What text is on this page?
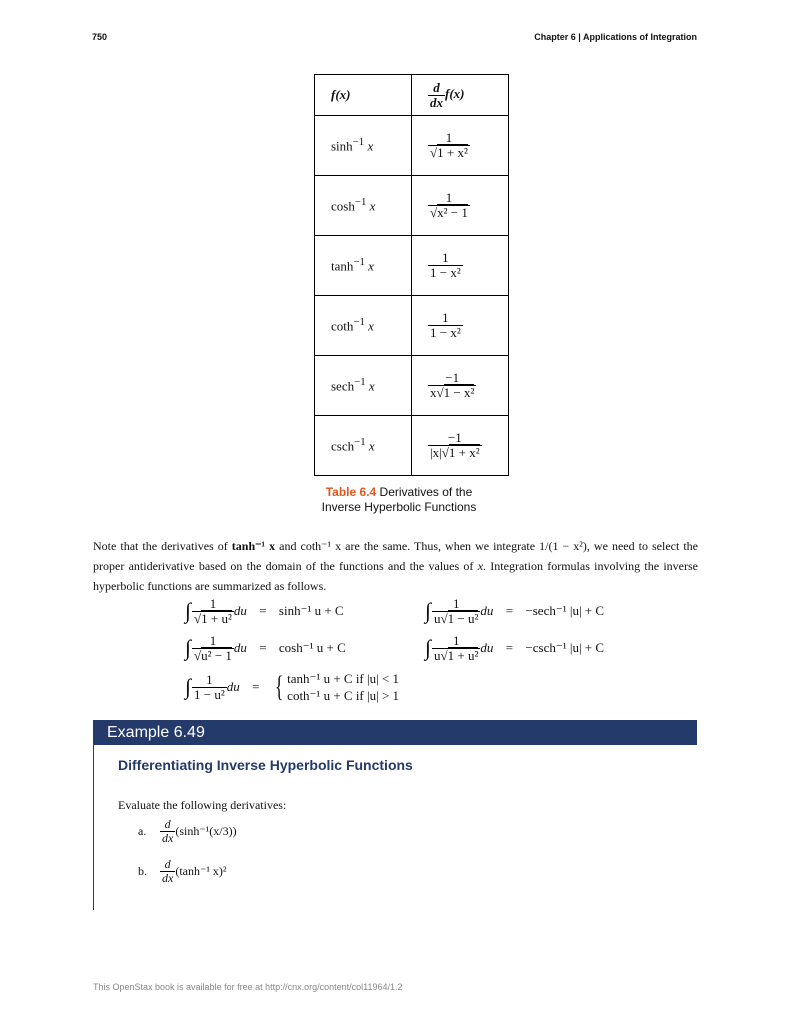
750	Chapter 6 | Applications of Integration
f(x)	$\frac{d}{dx} f(x)$
$\sinh^{-1} x$	$\frac{1}{\text{√1 + x²}}$

$\cosh^{-1} x$	$\frac{1}{\text{√x² − 1}}$

$\tanh^{-1} x$	$\frac{1}{\text{1 − x²}}$

coth$^{-1}$ x	$\frac{1}{\text{1 − x²}}$

sech$^{-1}$ x	$\frac{-1}{\text{x√1 − x²}}$

csch$^{-1}$ x	$\frac{-1}{\text{|x|√1 + x²}}$
Table 6.4 Derivatives of the Inverse Hyperbolic Functions
Note that the derivatives of tanh⁻¹ x and coth⁻¹ x are the same. Thus, when we integrate 1/(1 − x²), we need to select the proper antiderivative based on the domain of the functions and the values of x. Integration formulas involving the inverse hyperbolic functions are summarized as follows.
∫ $\frac{1}{\text{√1 + u²}}$ du = sinh⁻¹ u + C	∫ $\frac{1}{\text{u√1 − u²}}$ du = −sech⁻¹ |u| + C
∫ $\frac{1}{\text{√u² − 1}}$ du = cosh⁻¹ u + C	∫ $\frac{1}{\text{u√1 + u²}}$ du = −csch⁻¹ |u| + C
∫ $\frac{1}{\text{1 − u²}}$ du = { tanh⁻¹ u + C if |u| < 1
coth⁻¹ u + C if |u| > 1
Example 6.49
Differentiating Inverse Hyperbolic Functions
Evaluate the following derivatives:
a.	$\frac{d}{dx} (\sinh^{-1}(x/3))$
b.	$\frac{d}{dx} (\tanh^{-1}$ x)²
This OpenStax book is available for free at http://cnx.org/content/col11964/1.2
